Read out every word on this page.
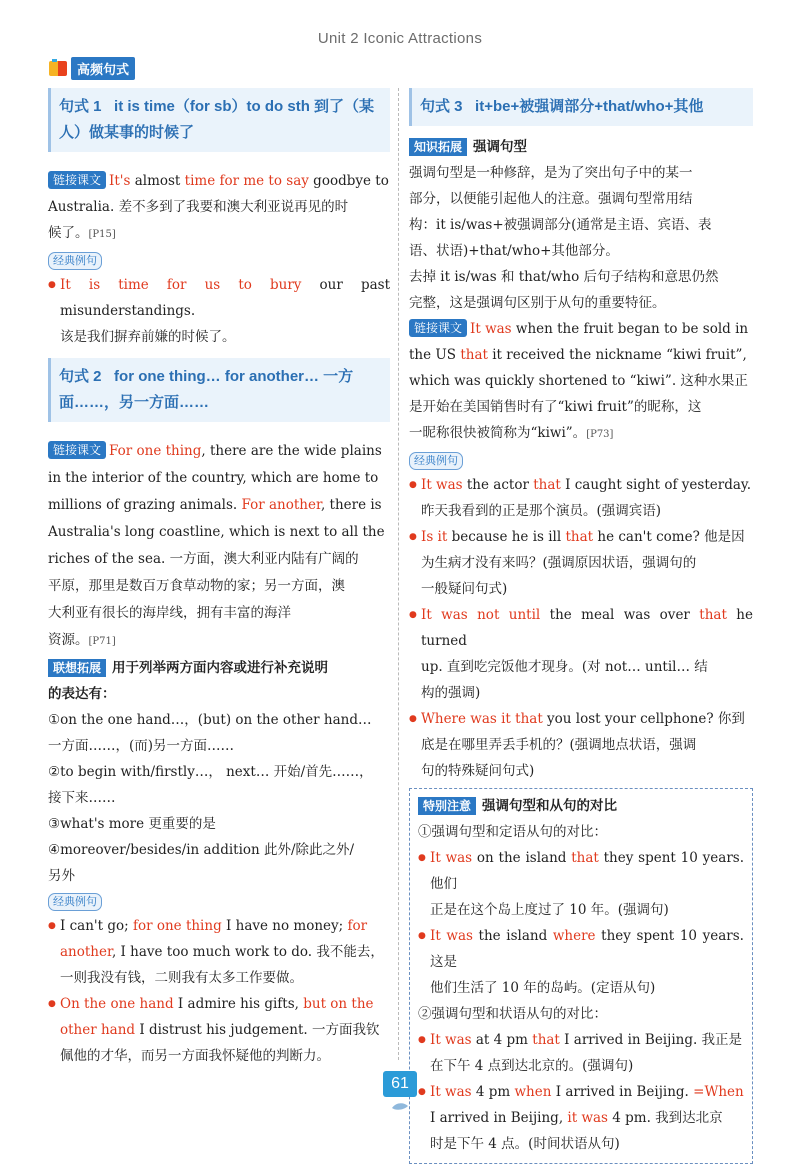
Unit 2 Iconic Attractions
高频句式
句式 1 it is time（for sb）to do sth 到了（某人）做某事的时候了

链接课文 It's almost time for me to say goodbye to

Australia. 差不多到了我要和澳大利亚说再见的时

候了。[P15]

经典例句

● It is time for us to bury our past misunderstandings.

该是我们摒弃前嫌的时候了。

句式 2 for one thing… for another… 一方面……，另一方面……

链接课文 For one thing, there are the wide plains

in the interior of the country, which are home to

millions of grazing animals. For another, there is

Australia's long coastline, which is next to all the

riches of the sea. 一方面，澳大利亚内陆有广阔的

平原，那里是数百万食草动物的家；另一方面，澳

大利亚有很长的海岸线，拥有丰富的海洋

资源。[P71]

联想拓展 用于列举两方面内容或进行补充说明

的表达有：

①on the one hand…，(but) on the other hand…

一方面……，(而)另一方面……

②to begin with/firstly…， next… 开始/首先……，

接下来……

③what's more 更重要的是

④moreover/besides/in addition 此外/除此之外/

另外

经典例句

● I can't go; for one thing I have no money; for

another, I have too much work to do. 我不能去，

一则我没有钱，二则我有太多工作要做。

● On the one hand I admire his gifts, but on the

other hand I distrust his judgement. 一方面我钦

佩他的才华，而另一方面我怀疑他的判断力。

句式 3 it+be+被强调部分+that/who+其他

知识拓展 强调句型

强调句型是一种修辞，是为了突出句子中的某一

部分，以便能引起他人的注意。强调句型常用结

构：it is/was+被强调部分(通常是主语、宾语、表

语、状语)+that/who+其他部分。

去掉 it is/was 和 that/who 后句子结构和意思仍然

完整，这是强调句区别于从句的重要特征。

链接课文 It was when the fruit began to be sold in

the US that it received the nickname “kiwi fruit”,

which was quickly shortened to “kiwi”. 这种水果正

是开始在美国销售时有了“kiwi fruit”的昵称，这

一昵称很快被简称为“kiwi”。[P73]

经典例句

● It was the actor that I caught sight of yesterday.

昨天我看到的正是那个演员。(强调宾语)

● Is it because he is ill that he can't come? 他是因

为生病才没有来吗？(强调原因状语，强调句的

一般疑问句式)

● It was not until the meal was over that he turned

up. 直到吃完饭他才现身。(对 not… until… 结

构的强调)

● Where was it that you lost your cellphone? 你到

底是在哪里弄丢手机的？(强调地点状语，强调

句的特殊疑问句式)

特别注意 强调句型和从句的对比

①强调句型和定语从句的对比：

● It was on the island that they spent 10 years. 他们

正是在这个岛上度过了 10 年。(强调句)

● It was the island where they spent 10 years. 这是

他们生活了 10 年的岛屿。(定语从句)

②强调句型和状语从句的对比：

● It was at 4 pm that I arrived in Beijing. 我正是

在下午 4 点到达北京的。(强调句)

● It was 4 pm when I arrived in Beijing. =When

I arrived in Beijing, it was 4 pm. 我到达北京

时是下午 4 点。(时间状语从句)

61
